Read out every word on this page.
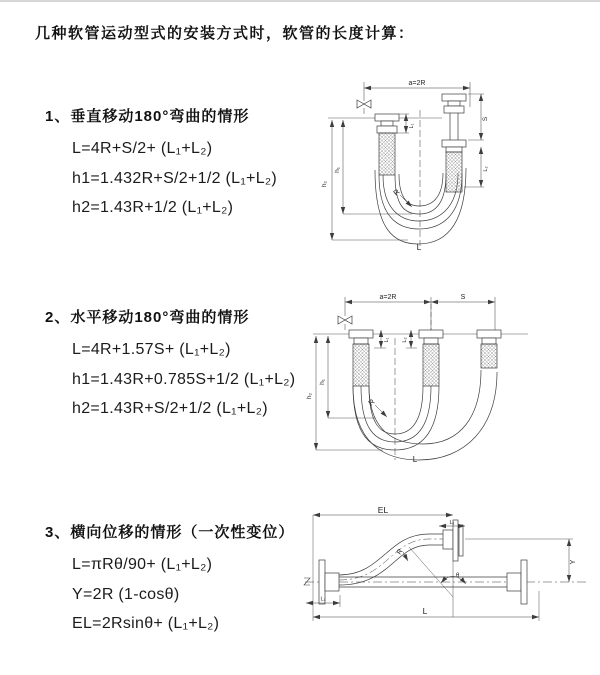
几种软管运动型式的安装方式时，软管的长度计算：
1、垂直移动180°弯曲的情形
L=4R+S/2+ (L₁+L₂)
h1=1.432R+S/2+1/2 (L₁+L₂)
h2=1.43R+1/2 (L₁+L₂)
2、水平移动180°弯曲的情形
L=4R+1.57S+ (L₁+L₂)
h1=1.43R+0.785S+1/2 (L₁+L₂)
h2=1.43R+S/2+1/2 (L₁+L₂)
3、横向位移的情形（一次性变位）
L=πRθ/90+ (L₁+L₂)
Y=2R (1-cosθ)
EL=2Rsinθ+ (L₁+L₂)
a=2R
h₂
h₁
L₁
S
L₂
R
L
a=2R	S
h₂
h₁
L₁ L₂
R
L
EL
L₁
Y
R
θ
L
L₁
